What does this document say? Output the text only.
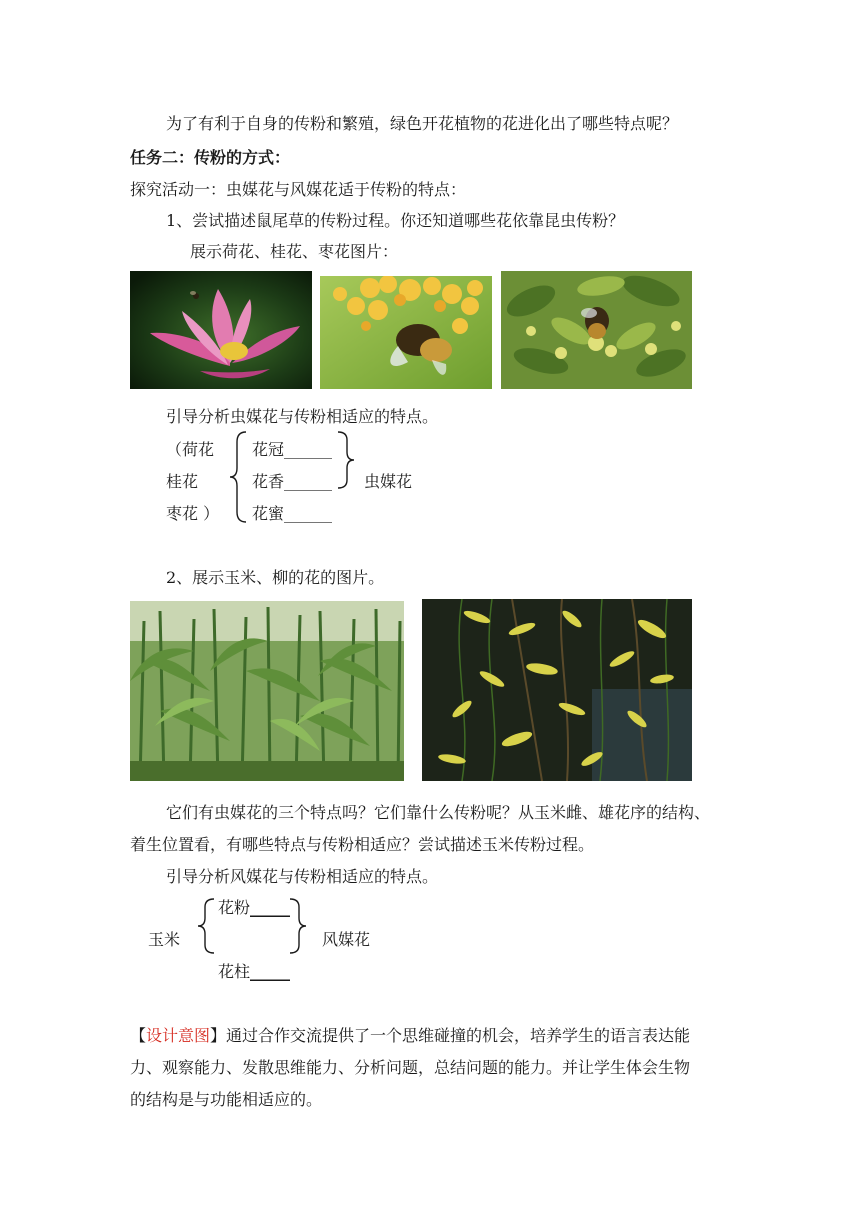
为了有利于自身的传粉和繁殖，绿色开花植物的花进化出了哪些特点呢？
任务二：传粉的方式：
探究活动一：虫媒花与风媒花适于传粉的特点：
1、尝试描述鼠尾草的传粉过程。你还知道哪些花依靠昆虫传粉？
展示荷花、桂花、枣花图片：
引导分析虫媒花与传粉相适应的特点。
（荷花
桂花
枣花 ）
花冠______
花香______
花蜜______
虫媒花
2、展示玉米、柳的花的图片。
它们有虫媒花的三个特点吗？它们靠什么传粉呢？从玉米雌、雄花序的结构、
着生位置看，有哪些特点与传粉相适应？尝试描述玉米传粉过程。
引导分析风媒花与传粉相适应的特点。
玉米
花粉_____
花柱_____
风媒花
【设计意图】通过合作交流提供了一个思维碰撞的机会，培养学生的语言表达能
力、观察能力、发散思维能力、分析问题，总结问题的能力。并让学生体会生物
的结构是与功能相适应的。
